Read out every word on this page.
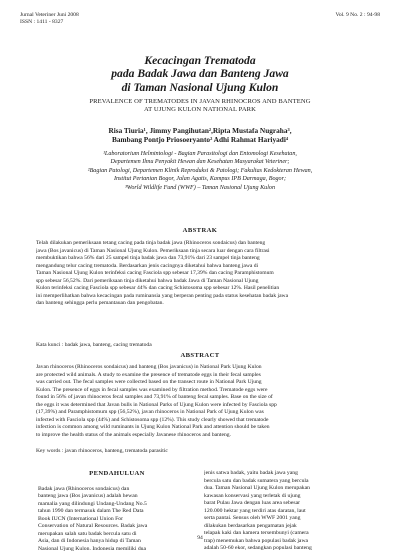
Jurnal Veteriner Juni 2008
ISSN : 1411 - 8327
Vol. 9 No. 2 : 94-98
Kecacingan Trematoda
pada Badak Jawa dan Banteng Jawa
di Taman Nasional Ujung Kulon
PREVALENCE OF TREMATODES IN JAVAN RHINOCROS AND BANTENG
AT UJUNG KULON NATIONAL PARK
Risa Tiuria¹, Jimmy Pangihutan²,Ripta Mustafa Nugraha³,
Bambang Pontjo Priosoeryanto² Adhi Rahmat Hariyadi⁴
¹Laboratorium Helmintologi - Bagian Parasitologi dan Entomologi Kesehatan,
Departemen Ilmu Penyakit Hewan dan Kesehatan Masyarakat Veteriner;
²Bagian Patologi, Departemen Klinik Reproduksi & Patologi; Fakultas Kedokteran Hewan,
Institut Pertanian Bogor, Jalan Agatis, Kampus IPB Darmaga, Bogor;
³World Wildlife Fund (WWF) – Taman Nasional Ujung Kulon
ABSTRAK
Telah dilakukan pemeriksaan tetang cacing pada tinja badak jawa (Rhinoceros sondaicus) dan banteng
jawa (Bos javanicus) di Taman Nasional Ujung Kulon. Pemeriksaan tinja secara luar dengan cara filtrasi
membuktikan bahwa 56% dari 25 sampel tinja badak jawa dan 73,91% dari 23 sampel tinja banteng
mengandung telur cacing trematoda. Berdasarkan jenis cacingnya diketahui bahwa banteng jawa di
Taman Nasional Ujung Kulon terinfeksi cacing Fasciola spp sebesar 17,39% dan cacing Paramphistomum
spp sebesar 56,52%. Dari pemeriksaan tinja diketahui bahwa badak Jawa di Taman Nasional Ujung
Kulon terinfeksi cacing Fasciola spp sebesar 44% dan cacing Schistosoma spp sebesar 12%. Hasil penelitian
ini memperlihatkan bahwa kecacingan pada ruminansia yang berperan penting pada status kesehatan badak jawa
dan banteng sehingga perlu pemantauan dan pengobatan.
Kata kunci : badak jawa, banteng, cacing trematoda
ABSTRACT
Javan rhinoceros (Rhinoceros sondaicus) and banteng (Bos javanicus) in National Park Ujung Kulon
are protected wild animals. A study to examine the presence of trematode eggs in their fecal samples
was carried out. The fecal samples were collected based on the transect route in National Park Ujung
Kulon. The presence of eggs in fecal samples was examined by filtration method. Trematode eggs were
found in 56% of javan rhinoceros fecal samples and 73,91% of banteng fecal samples. Base on the size of
the eggs it was determined that Javan bulls in National Parks of Ujung Kulon were infected by Fasciola spp
(17,39%) and Paramphistomum spp (56,52%), javan rhinoceros in National Park of Ujung Kulon was
infected with Fasciola spp (44%) and Schistosoma spp (12%). This study clearly showed that trematode
infection is common among wild ruminants in Ujung Kulon National Park and attention should be taken
to improve the health status of the animals especially Javanese rhinoceros and banteng.
Key words : javan rhinoceros, banteng, trematoda parasitic
PENDAHULUAN
Badak jawa (Rhinoceros sondaicus) dan
banteng jawa (Bos javanicus) adalah hewan
mamalia yang dilindungi Undang-Undang No.5
tahun 1990 dan termasuk dalam The Red Data
Book IUCN (International Union For
Conservation of Natural Resources. Badak jawa
merupakan salah satu badak bercula satu di
Asia, dan di Indonesia hanya hidup di Taman
Nasional Ujung Kulon. Indonesia memiliki dua
jenis satwa badak, yaitu badak jawa yang
bercula satu dan badak sumatera yang bercula
dua. Taman Nasional Ujung Kulon merupakan
kawasan konservasi yang terletak di ujung
barat Pulau Jawa dengan luas area sebesar
120.000 hektar yang terdiri atas daratan, laut
serta pantai. Sensus oleh WWF 2001 yang
dilakukan berdasarkan pengamatan jejak
telapak kaki dan kamera tersembunyi (camera
trap) menemukan bahwa populasi badak jawa
adalah 50-60 ekor, sedangkan populasi banteng
94
